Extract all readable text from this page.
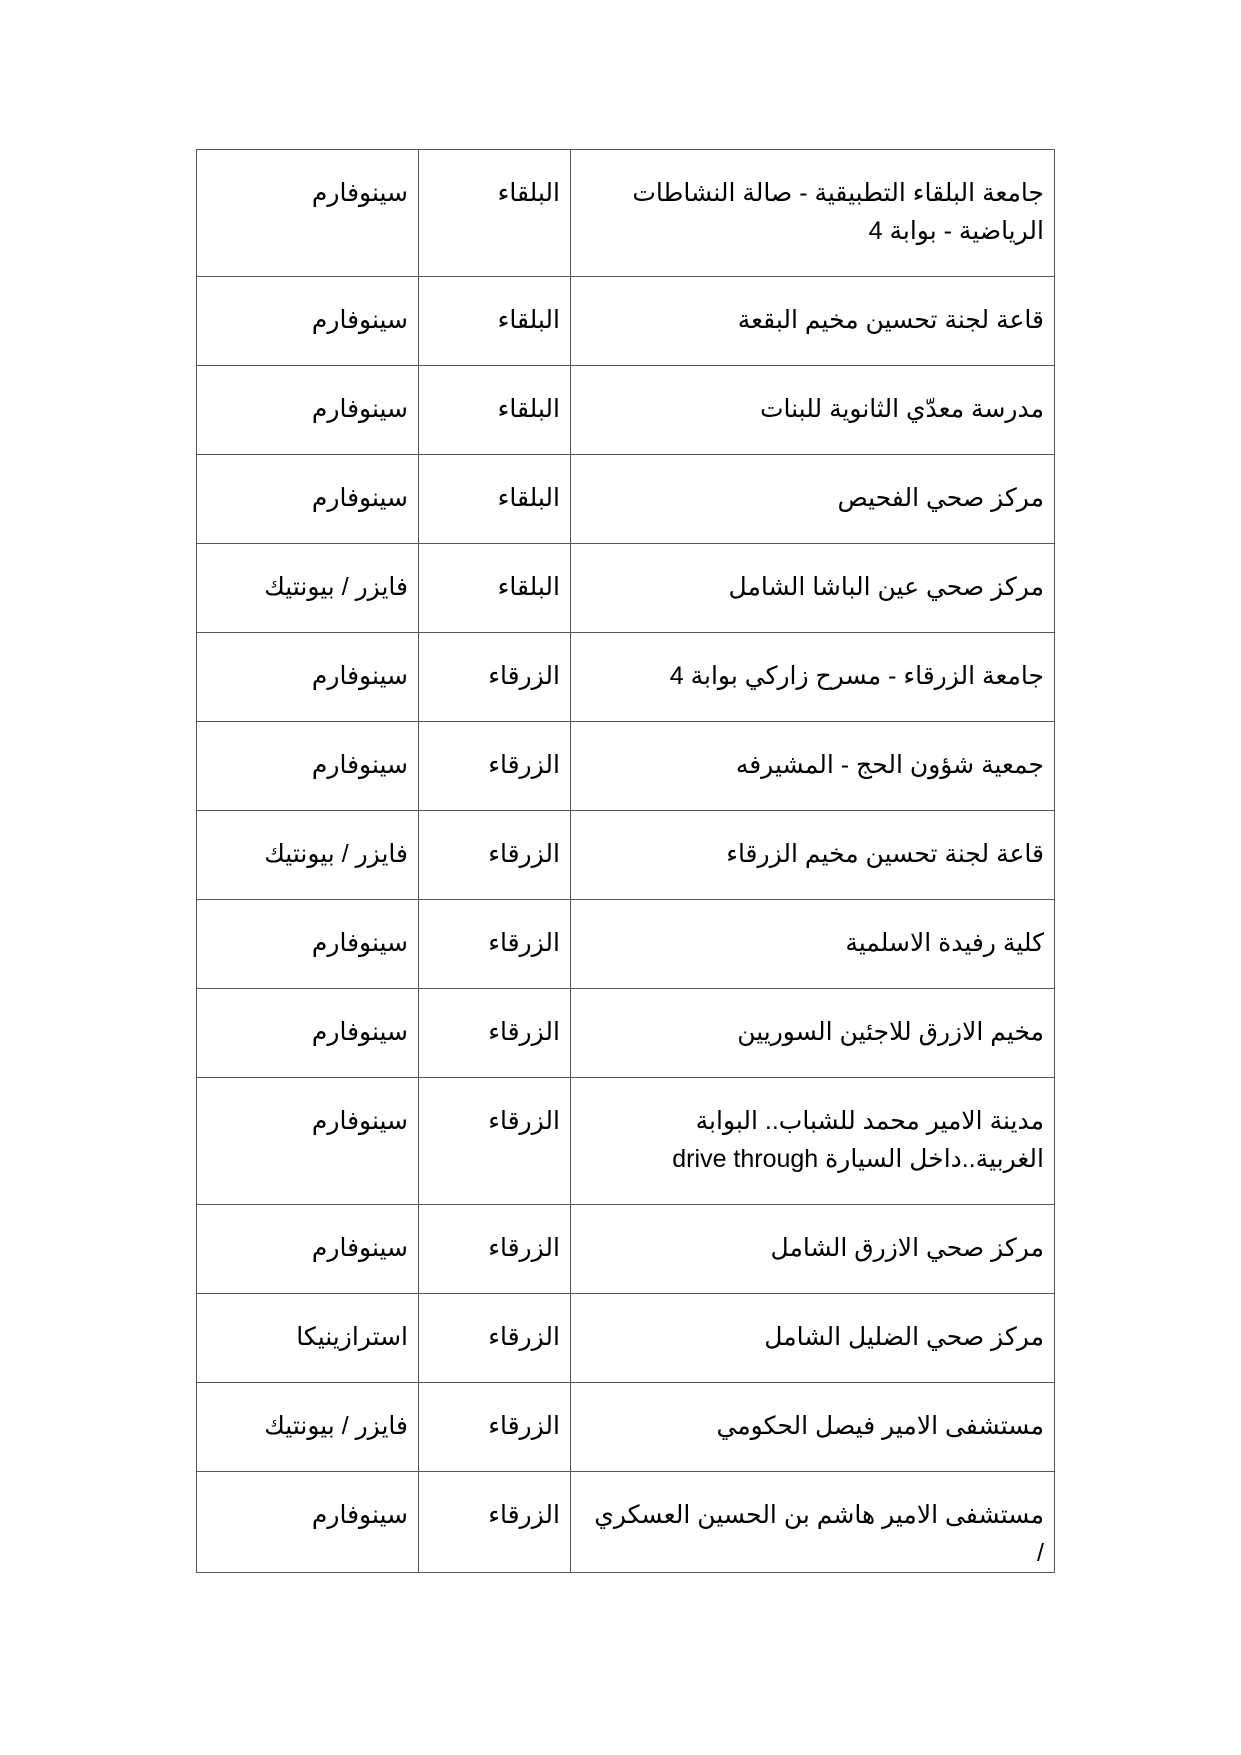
جامعة البلقاء التطبيقية - صالة النشاطات الرياضية - بوابة 4	البلقاء	سينوفارم
قاعة لجنة تحسين مخيم البقعة	البلقاء	سينوفارم
مدرسة معدّي الثانوية للبنات	البلقاء	سينوفارم
مركز صحي الفحيص	البلقاء	سينوفارم
مركز صحي عين الباشا الشامل	البلقاء	فايزر / بيونتيك
جامعة الزرقاء - مسرح زاركي بوابة 4	الزرقاء	سينوفارم
جمعية شؤون الحج - المشيرفه	الزرقاء	سينوفارم
قاعة لجنة تحسين مخيم الزرقاء	الزرقاء	فايزر / بيونتيك
كلية رفيدة الاسلمية	الزرقاء	سينوفارم
مخيم الازرق للاجئين السوريين	الزرقاء	سينوفارم
مدينة الامير محمد للشباب.. البوابة الغربية..داخل السيارة drive through	الزرقاء	سينوفارم
مركز صحي الازرق الشامل	الزرقاء	سينوفارم
مركز صحي الضليل الشامل	الزرقاء	استرازينيكا
مستشفى الامير فيصل الحكومي	الزرقاء	فايزر / بيونتيك
مستشفى الامير هاشم بن الحسين العسكري /	الزرقاء	سينوفارم
